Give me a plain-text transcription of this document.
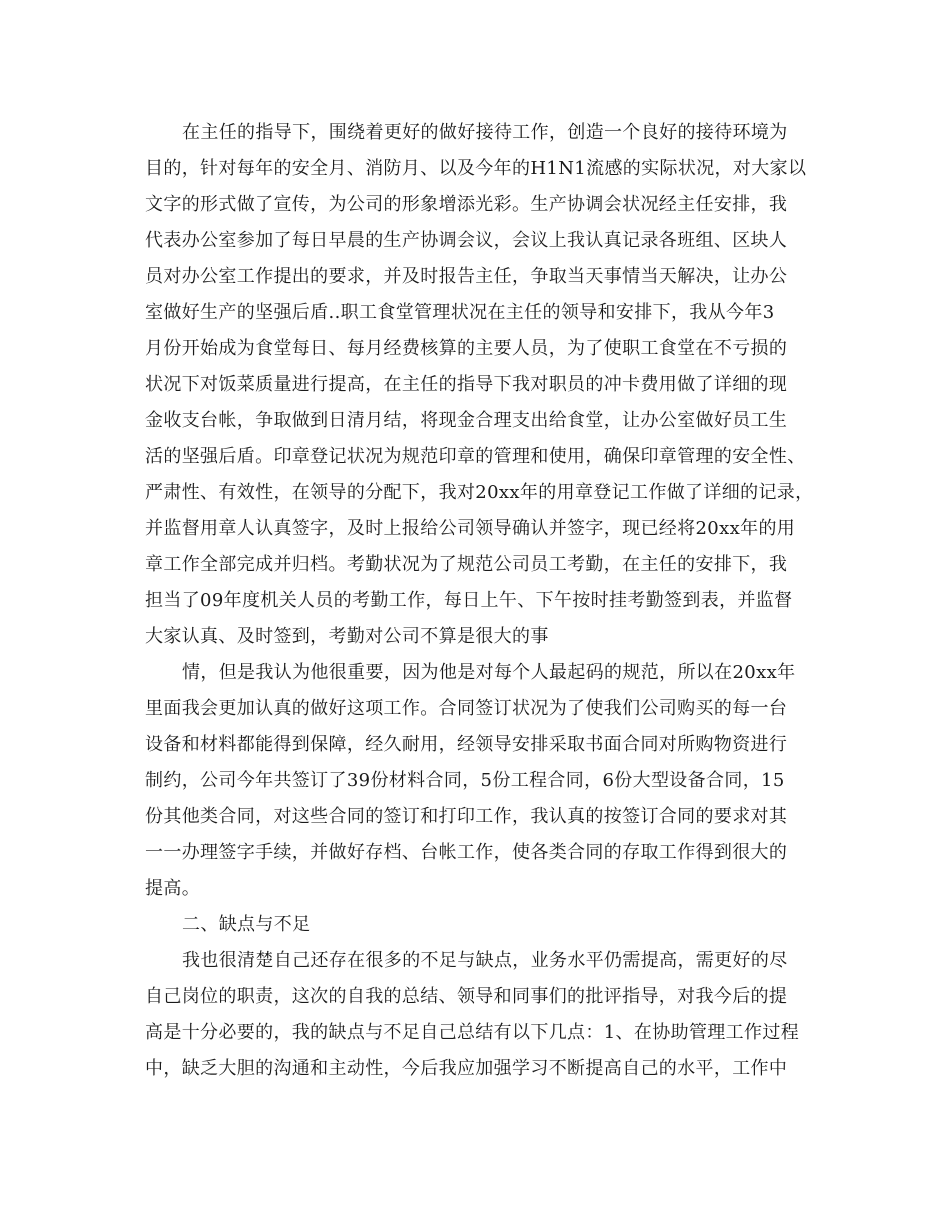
在主任的指导下，围绕着更好的做好接待工作，创造一个良好的接待环境为
目的，针对每年的安全月、消防月、以及今年的H1N1流感的实际状况，对大家以
文字的形式做了宣传，为公司的形象增添光彩。生产协调会状况经主任安排，我
代表办公室参加了每日早晨的生产协调会议，会议上我认真记录各班组、区块人
员对办公室工作提出的要求，并及时报告主任，争取当天事情当天解决，让办公
室做好生产的坚强后盾..职工食堂管理状况在主任的领导和安排下，我从今年3
月份开始成为食堂每日、每月经费核算的主要人员，为了使职工食堂在不亏损的
状况下对饭菜质量进行提高，在主任的指导下我对职员的冲卡费用做了详细的现
金收支台帐，争取做到日清月结，将现金合理支出给食堂，让办公室做好员工生
活的坚强后盾。印章登记状况为规范印章的管理和使用，确保印章管理的安全性、
严肃性、有效性，在领导的分配下，我对20xx年的用章登记工作做了详细的记录，
并监督用章人认真签字，及时上报给公司领导确认并签字，现已经将20xx年的用
章工作全部完成并归档。考勤状况为了规范公司员工考勤，在主任的安排下，我
担当了09年度机关人员的考勤工作，每日上午、下午按时挂考勤签到表，并监督
大家认真、及时签到，考勤对公司不算是很大的事
情，但是我认为他很重要，因为他是对每个人最起码的规范，所以在20xx年
里面我会更加认真的做好这项工作。合同签订状况为了使我们公司购买的每一台
设备和材料都能得到保障，经久耐用，经领导安排采取书面合同对所购物资进行
制约，公司今年共签订了39份材料合同，5份工程合同，6份大型设备合同，15
份其他类合同，对这些合同的签订和打印工作，我认真的按签订合同的要求对其
一一办理签字手续，并做好存档、台帐工作，使各类合同的存取工作得到很大的
提高。
二、缺点与不足
我也很清楚自己还存在很多的不足与缺点，业务水平仍需提高，需更好的尽
自己岗位的职责，这次的自我的总结、领导和同事们的批评指导，对我今后的提
高是十分必要的，我的缺点与不足自己总结有以下几点：1、在协助管理工作过程
中，缺乏大胆的沟通和主动性，今后我应加强学习不断提高自己的水平，工作中
